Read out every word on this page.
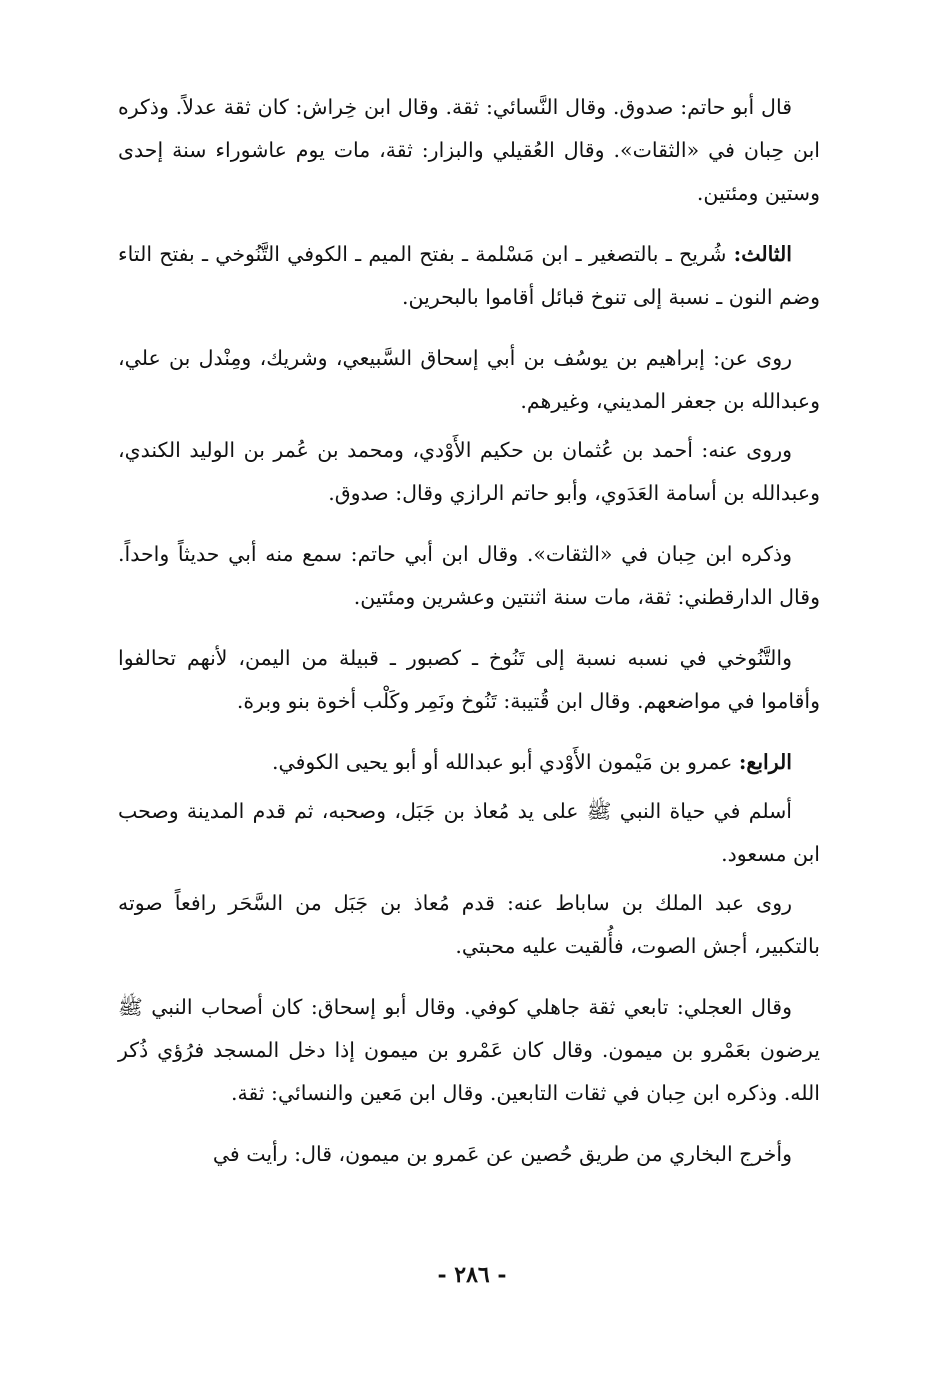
قال أبو حاتم: صدوق. وقال النَّسائي: ثقة. وقال ابن خِراش: كان ثقة عدلاً. وذكره ابن حِبان في «الثقات». وقال العُقيلي والبزار: ثقة، مات يوم عاشوراء سنة إحدى وستين ومئتين.

الثالث: شُريح ـ بالتصغير ـ ابن مَسْلمة ـ بفتح الميم ـ الكوفي التَّنُوخي ـ بفتح التاء وضم النون ـ نسبة إلى تنوخ قبائل أقاموا بالبحرين.

روى عن: إبراهيم بن يوسُف بن أبي إسحاق السَّبيعي، وشريك، ومِنْدل بن علي، وعبدالله بن جعفر المديني، وغيرهم.

وروى عنه: أحمد بن عُثمان بن حكيم الأَوْدي، ومحمد بن عُمر بن الوليد الكندي، وعبدالله بن أسامة العَدَوي، وأبو حاتم الرازي وقال: صدوق.

وذكره ابن حِبان في «الثقات». وقال ابن أبي حاتم: سمع منه أبي حديثاً واحداً. وقال الدارقطني: ثقة، مات سنة اثنتين وعشرين ومئتين.

والتَّنُوخي في نسبه نسبة إلى تَنُوخ ـ كصبور ـ قبيلة من اليمن، لأنهم تحالفوا وأقاموا في مواضعهم. وقال ابن قُتيبة: تَنُوخ ونَمِر وكَلْب أخوة بنو وبرة.

الرابع: عمرو بن مَيْمون الأَوْدي أبو عبدالله أو أبو يحيى الكوفي.

أسلم في حياة النبي ﷺ على يد مُعاذ بن جَبَل، وصحبه، ثم قدم المدينة وصحب ابن مسعود.

روى عبد الملك بن ساباط عنه: قدم مُعاذ بن جَبَل من السَّحَر رافعاً صوته بالتكبير، أجش الصوت، فأُلقيت عليه محبتي.

وقال العجلي: تابعي ثقة جاهلي كوفي. وقال أبو إسحاق: كان أصحاب النبي ﷺ يرضون بعَمْرو بن ميمون. وقال كان عَمْرو بن ميمون إذا دخل المسجد فرُؤي ذُكر الله. وذكره ابن حِبان في ثقات التابعين. وقال ابن مَعين والنسائي: ثقة.

وأخرج البخاري من طريق حُصين عن عَمرو بن ميمون، قال: رأيت في

- ٢٨٦ -
